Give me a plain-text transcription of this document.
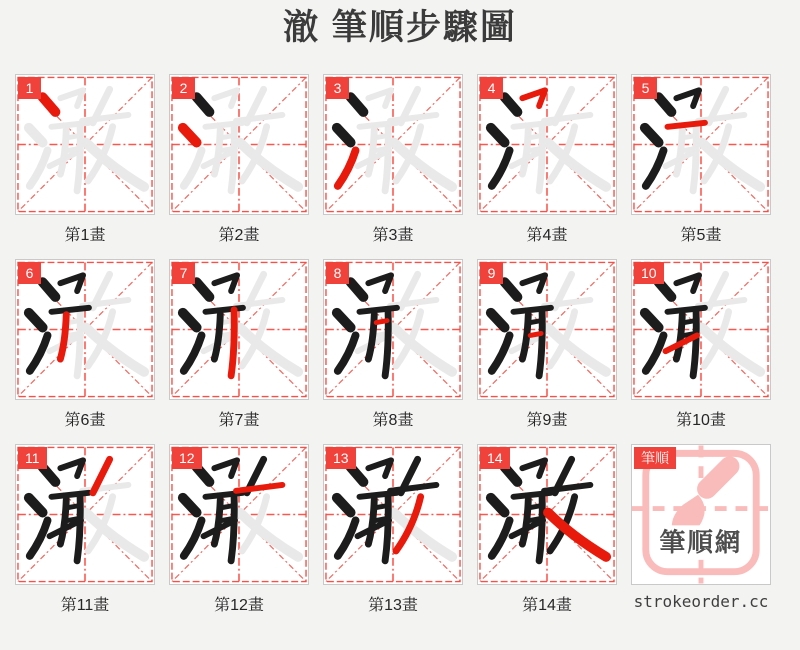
澈 筆順步驟圖
1
第1畫
2
第2畫
3
第3畫
4
第4畫
5
第5畫
6
第6畫
7
第7畫
8
第8畫
9
第9畫
10
第10畫
11
第11畫
12
第12畫
13
第13畫
14
第14畫
筆順網
筆順
strokeorder.cc
